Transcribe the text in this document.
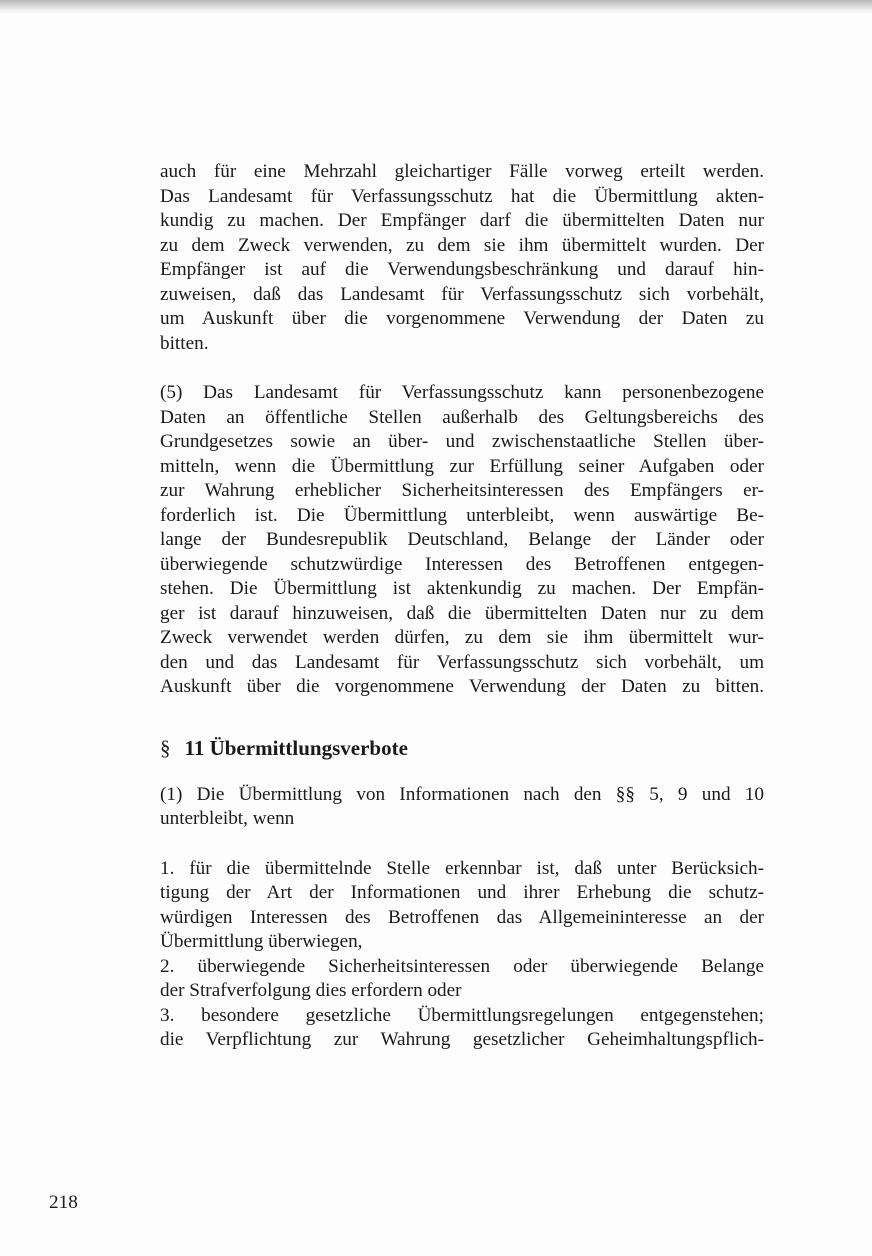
auch für eine Mehrzahl gleichartiger Fälle vorweg erteilt werden.
Das Landesamt für Verfassungsschutz hat die Übermittlung akten-
kundig zu machen. Der Empfänger darf die übermittelten Daten nur
zu dem Zweck verwenden, zu dem sie ihm übermittelt wurden. Der
Empfänger ist auf die Verwendungsbeschränkung und darauf hin-
zuweisen, daß das Landesamt für Verfassungsschutz sich vorbehält,
um Auskunft über die vorgenommene Verwendung der Daten zu
bitten.
(5) Das Landesamt für Verfassungsschutz kann personenbezogene
Daten an öffentliche Stellen außerhalb des Geltungsbereichs des
Grundgesetzes sowie an über- und zwischenstaatliche Stellen über-
mitteln, wenn die Übermittlung zur Erfüllung seiner Aufgaben oder
zur Wahrung erheblicher Sicherheitsinteressen des Empfängers er-
forderlich ist. Die Übermittlung unterbleibt, wenn auswärtige Be-
lange der Bundesrepublik Deutschland, Belange der Länder oder
überwiegende schutzwürdige Interessen des Betroffenen entgegen-
stehen. Die Übermittlung ist aktenkundig zu machen. Der Empfän-
ger ist darauf hinzuweisen, daß die übermittelten Daten nur zu dem
Zweck verwendet werden dürfen, zu dem sie ihm übermittelt wur-
den und das Landesamt für Verfassungsschutz sich vorbehält, um
Auskunft über die vorgenommene Verwendung der Daten zu bitten.
§ 11 Übermittlungsverbote
(1) Die Übermittlung von Informationen nach den §§ 5, 9 und 10
unterbleibt, wenn
1. für die übermittelnde Stelle erkennbar ist, daß unter Berücksich-
tigung der Art der Informationen und ihrer Erhebung die schutz-
würdigen Interessen des Betroffenen das Allgemeininteresse an der
Übermittlung überwiegen,
2. überwiegende Sicherheitsinteressen oder überwiegende Belange
der Strafverfolgung dies erfordern oder
3. besondere gesetzliche Übermittlungsregelungen entgegenstehen;
die Verpflichtung zur Wahrung gesetzlicher Geheimhaltungspflich-
218
